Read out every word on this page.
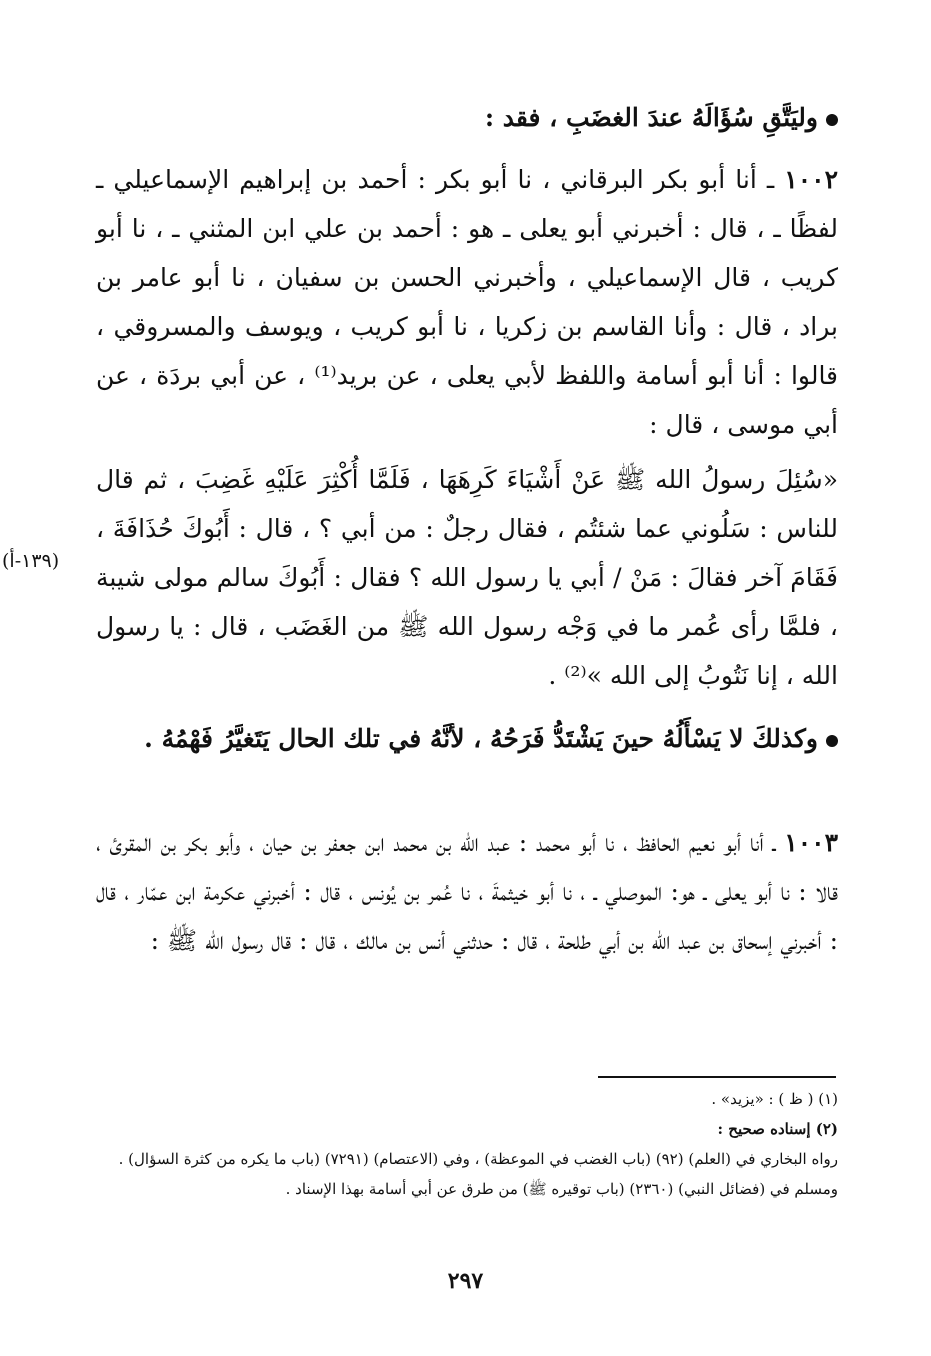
وليَتَّقِ سُؤَالَهُ عندَ الغضَبِ ، فقد :

١٠٠٢ ـ أنا أبو بكر البرقاني ، نا أبو بكر : أحمد بن إبراهيم الإسماعيلي ـ لفظًا ـ ، قال : أخبرني أبو يعلى ـ هو : أحمد بن علي ابن المثني ـ ، نا أبو كريب ، قال الإسماعيلي ، وأخبرني الحسن بن سفيان ، نا أبو عامر بن براد ، قال : وأنا القاسم بن زكريا ، نا أبو كريب ، ويوسف والمسروقي ، قالوا : أنا أبو أسامة واللفظ لأبي يعلى ، عن بريد⁽¹⁾ ، عن أبي بردَة ، عن أبي موسى ، قال :

«سُئِلَ رسولُ الله ﷺ عَنْ أَشْيَاءَ كَرِهَهَا ، فَلَمَّا أُكْثِرَ عَلَيْهِ غَضِبَ ، ثم قال للناس : سَلُوني عما شئتُم ، فقال رجلٌ : من أبي ؟ ، قال : أَبُوكَ حُذَافَةَ ، فَقَامَ آخر فقالَ : مَنْ / أبي يا رسول الله ؟ فقال : أَبُوكَ سالم مولى شيبة ، فلمَّا رأى عُمر ما في وَجْه رسول الله ﷺ من الغَضَب ، قال : يا رسول الله ، إنا نَتُوبُ إلى الله »⁽²⁾ .

(١٣٩-أ)
وكذلكَ لا يَسْأَلُهُ حينَ يَشْتَدُّ فَرَحُهُ ، لأنَّهُ في تلك الحال يَتَغيَّرُ فَهْمُهُ .

١٠٠٣ ـ أنا أبو نعيم الحافظ ، نا أبو محمد : عبد الله بن محمد ابن جعفر بن حيان ، وأبو بكر بن المقرئ ، قالا : نا أبو يعلى ـ هو: الموصلي ـ ، نا أبو خيثمةَ ، نا عُمر بن يُونس ، قال : أخبرني عكرمة ابن عمّار ، قال : أخبرني إسحاق بن عبد الله بن أبي طلحة ، قال : حدثني أنس بن مالك ، قال : قال رسول الله ﷺ :

(١) ( ظ ) : «يزيد» .

(٢) إسناده صحيح :

رواه البخاري في (العلم) (٩٢) (باب الغضب في الموعظة) ، وفي (الاعتصام) (٧٢٩١) (باب ما يكره من كثرة السؤال) .

ومسلم في (فضائل النبي) (٢٣٦٠) (باب توقيره ﷺ) من طرق عن أبي أسامة بهذا الإسناد .

٢٩٧
